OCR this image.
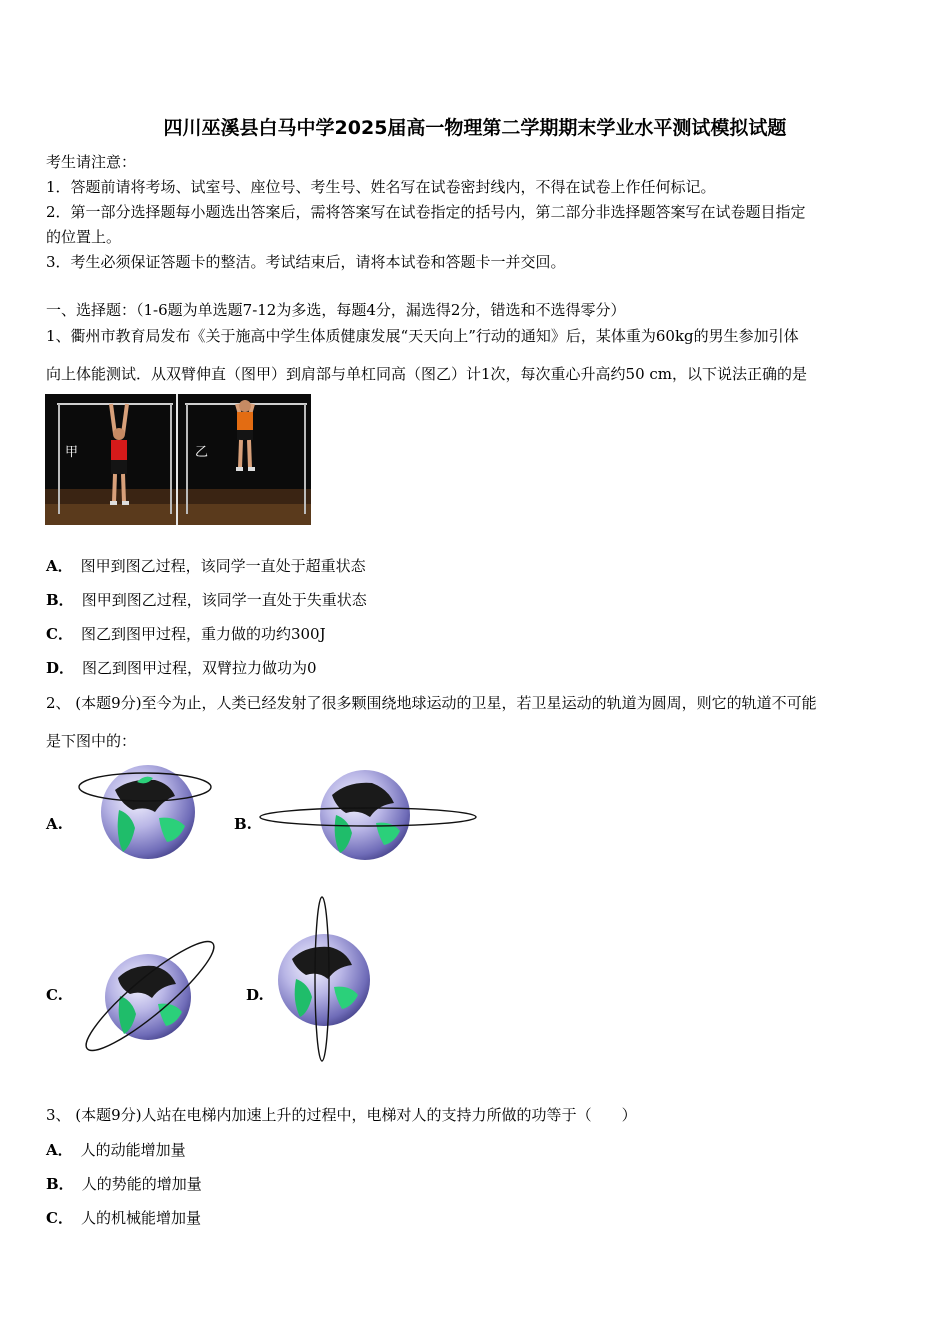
四川巫溪县白马中学2025届高一物理第二学期期末学业水平测试模拟试题
考生请注意：
1．答题前请将考场、试室号、座位号、考生号、姓名写在试卷密封线内，不得在试卷上作任何标记。
2．第一部分选择题每小题选出答案后，需将答案写在试卷指定的括号内，第二部分非选择题答案写在试卷题目指定
的位置上。
3．考生必须保证答题卡的整洁。考试结束后，请将本试卷和答题卡一并交回。
一、选择题：（1-6题为单选题7-12为多选，每题4分，漏选得2分，错选和不选得零分）
1、衢州市教育局发布《关于施高中学生体质健康发展“天天向上”行动的通知》后，某体重为60kg的男生参加引体
向上体能测试．从双臂伸直（图甲）到肩部与单杠同高（图乙）计1次，每次重心升高约50 cm，以下说法正确的是
甲	乙
A． 图甲到图乙过程，该同学一直处于超重状态
B． 图甲到图乙过程，该同学一直处于失重状态
C． 图乙到图甲过程，重力做的功约300J
D． 图乙到图甲过程，双臂拉力做功为0
2、 (本题9分)至今为止，人类已经发射了很多颗围绕地球运动的卫星，若卫星运动的轨道为圆周，则它的轨道不可能
是下图中的：
A.	B.
C.	D.
3、 (本题9分)人站在电梯内加速上升的过程中，电梯对人的支持力所做的功等于（　　）
A． 人的动能增加量
B． 人的势能的增加量
C． 人的机械能增加量
